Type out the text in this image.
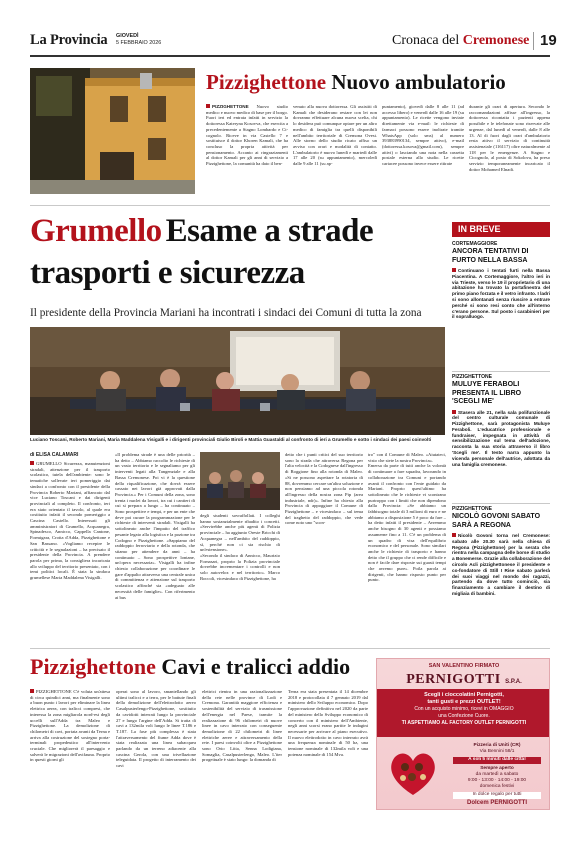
La Provincia GIOVEDÌ
5 FEBBRAIO 2026	Cronaca del Cremonese 19
Pizzighettone Nuovo ambulatorio
PIZZIGHETTONE Nuovo studio medico e nuovo medico di base per il borgo. Fuori ieri ed entrata infatti in servizio la dottoressa Kateryna Kosovva, che esercita a precedentemente a Stagno Lombardo e Cicognolo. Riceve in via Castello 7 e sostituisce il dottor Khoren Kamali, che ha concluso la propria attività per pensionamento. Accanto ai ringraziamenti al dottor Kamali per gli anni di servizio a Pizzighettone, la comunità ha dato il ben-
venuto alla nuova dottoressa. Gli assistiti di Kamali che desiderano restare con lei non dovranno effettuare alcuna nuova scelta, chi lo desidera può comunque optare per un altro medico di famiglia tra quelli disponibili nell'ambito territoriale di Cremona Ovest. Alle storno dello studio ricato affiso un avviso con orari e modalità di contatto. L'ambulatorio è nuovo lunedì e martedì dalle 17 alle 20 (su appuntamento), mercoledì dalle 9 alle 11 (su ap-
puntamento), giovedì dalle 8 alle 11 (ad accesso libero) e venerdì dalle 16 alle 19 (su appuntamento). Le ricette vengono inviate direttamente via e-mail: le richieste di farmaci possono essere inoltrate tramite WhatsApp (solo sms) al numero 393883990134, sempre attivo), e-mail (dottoressa.kosova@gmail.com), sempre attivi) o lasciando una nota nella cassetta postale esterna allo studio. Le ricette cartacee possono invece essere ritirate
durante gli orari di apertura. Secondo le raccomandazioni affisse all'ingresso, la dottoressa ricontatta i pazienti appena possibile e le telefonate sono riservate alle urgenze, dal lunedì al venerdì, dalle 8 alle 13. Al di fuori dagli orari d'ambulatorio resta attivo il servizio di continuità assistenziale (116117) oltre naturalmente al 118 per le emergenze. A Stagno e Cicognolo, al posto di Sokolova, ha preso servizio temporaneamente incaricato il dottor Mohamed Elnadi.
Grumello Esame a strade
trasporti e sicurezza
Il presidente della Provincia Mariani ha incontrati i sindaci dei Comuni di tutta la zona
Luciano Toscani, Roberto Mariani, Maria Maddalena Visigalli e i dirigenti provinciali Giulio Biroli e Mattia Guastaldi al confronto di ieri a Grumello e sotto i sindaci dei paesi coinvolti
di ELISA CALAMARI
GRUMELLO Sicurezza, manutenzioni stradali, attenzione per il trasporto scolastico, tutela dell'ambiente: sono le tematiche sollevate ieri pomeriggio dai sindaci a confronto con il presidente della Provincia Roberto Mariani, affiancato dal vice Luciano Toscani e dai dirigenti provinciali al completo. Il confronto, ieri era stato orientato il tavolo, al quale era costituito infatti il secondo pomeriggio a Cascina Castello. Interessati gli amministratori di Grumello, Acquanegra, Spinadesco, Annicco, Cappella Cantone, Formigara, Crotta d'Adda, Pizzighettone e San Bassano. «Vogliamo recepire le criticità e le segnalazioni – ha precisato il presidente della Provincia. A prendere parola per prima, la consigliera incaricata allo sviluppo del territorio presentato, con i temi politici locali. È stata la sindaca grumellese Maria Maddalena Visigalli.
«Il problema strade è una delle priorità – ha detto – Abbiamo raccolto le richieste di un vasto territorio e le segnaliamo per gli interventi legati alla Tangenziale e alla Bassa Cremonese. Poi vi è la questione della riqualificazione, che dovrà essere cassato nei lavori già approvati dalla Provincia.» Per i Comuni della zona, sono trenta i nuclei da lavori, tra cui i cantieri di cui si prepara a lungo – ha continuato – Sono prospettive e tempi, e per un ente che deve poi curare la programmazione per le richieste di interventi stradali. Visigalli ha sottolineato anche l'impatto del traffico pesante legato alla logistica e la pozione tra Codogno e Pizzighettone. «Sappiamo del raddoppio ferroviario e della rotonda, che stiamo per attendere da anni – ha continuato – Sono prospettive lontane, un'opera necessaria». Visigalli ha infine chiesto collaborazione per coordinare le gare d'appalto attraverso una centrale unica di committenza e attenzione sul trasporto scolastico affinché sia «adeguato alle necessità delle famiglie». Con riferimento ai bus
degli studenti sovraffollati. I colleghi hanno sostanzialmente ribadito i concetti. «Servirebbe anche più agenti di Polizia provinciale – ha aggiunto Oreste Bricchi di Acquanegra – nell'ambito del raddoppio, sì, perché non ci sia rischio di un'estensione».
«Secondo il sindaco di Annicco, Maurizio Fornasari, proprio la Polizia provinciale dovrebbe incrementare i controlli e non solo autovelox e nel territorio». Marco Boccoli, vicesindaco di Pizzighettone, ha
detto che i punti critici del suo territorio sono la strada che attraversa Regona per l'alta velocità e la Codognese dall'ingresso di Roggione fino alla rotonda di Maleo. «Si ne possono aspettare la rotatoria di 88, dovremmo cercare un'altra soluzione e non pensiamo ad una piccola rotonda all'ingresso della nostra zona Pip (area industriale, ndr)». Infine ha chiesto alla Provincia di appoggiare il Comune di Pizzighettone – e vicesindaco – sul tema del traghetto del raddoppio, che vede come noto uno "scon-
tro" con il Comune di Maleo. «Aiutateci, visto che siete la nostra Provincia».
Emersa da parte di tutti anche la volontà di continuare a fare squadra, lavorando in collaborazione tra Comuni e portando avanti il confronto con l'ente guidato da Mariani. Proprio quest'ultimo ha sottolineato che le richieste vi scontrano purtroppo con i limiti che non dipendono dalla Provincia: «Se abbiamo un fabbisogno totale di 3 milioni di euro e ne abbiamo a disposizione 5 è poco da fare – ha detto infatti il presidente – Avremmo anche bisogno di 30 agenti e possiamo assumerne fino a 11. C'è un problema di un quadro di visa dell'equilibrio economico e del personale. Sono similari anche le richieste di trasporto e hanno detto che il gruppo che ci rende difficile e non è facile dare risposte sui guasti tempi che avremo pure». Poila parola ai dirigenti, che hanno risposto punto per punto.
IN BREVE
CORTEMAGGIORE
ANCORA TENTATIVI DI FURTO NELLA BASSA
Continuano i tentati furti nella Bassa Piacentina. A Cortemaggiore, l'altro ieri in via Trieste, verso le 19 il proprietario di una abitazione ha trovato la portafinestra del primo piano forzata e il vetro infranto. I ladri si sono allontanati senza riuscire a entrare perché si sono resi conto che all'interno c'erano persone. Sul posto i carabinieri per il sopralluogo.
PIZZIGHETTONE
MULUYE FERABOLI PRESENTA IL LIBRO 'SCEGLI ME'
Stasera alle 21, nella sala polifunzionale del centro culturale comunale di Pizzighettone, sarà protagonista Muluye Feraboli. L'educatrice professionale e fundraiser, impegnata in attività di sensibilizzazione sul tema dell'adozione, racconta la sua storia attraverso il libro 'Scegli me'. Il testo narra appunto la vicenda personale dell'autrice, adottata da una famiglia cremonese.
PIZZIGHETTONE
NICOLÒ GOVONI SABATO SARÀ A REGONA
Nicolò Govoni torna nel Cremonese: sabato alle 20.30 sarà nella chiesa di Regona (Pizzighettone) per la serata che rientra nella campagna delle borse di studio a Bonemerse. Grazie alla collaborazione del circolo Acli pizzighettonese il presidente e co-fondatore di Still I Rise sabato parlerà dei suoi viaggi nel mondo dei ragazzi, partendo da dove tutto cominciò, sia finanziamento a cambiare il destino di migliaia di bambini.
Pizzighettone Cavi e tralicci addio
PIZZIGHETTONE C'è voluta un'attesa di circa quindici anni, ma finalmente sono a buon punto i lavori per eliminare la linea elettrica aerea, con tralicci compresi, che interessa la zona migliarola nord-est degli uccelli sull'Adda tra Maleo e Pizzighettone. La demolizione di chilometri di cavi, portata avanti da Terna e arriva alla costruzione del sostegno porta-terminali propedeutico all'intervento cruciale. Che migliorerà il paesaggio e salverà le migrazioni dell'avifauna. Proprio in questi giorni gli
operai sono al lavoro, smantellando gli ultimi tralicci e a terra, per le battute finali della demolizione dell'elettrodotto aereo Casalpusterlengo-Pizzighettone, sostituito da cavidotti interrati lungo la provinciale 27 e lungo l'argine dell'Adda. Si tratta di cavi a 132mila volt lungo le linee T.186 e T.187. La fase più complessa è stata l'attraversamento del fiume Adda dove è stata realizzata una linea subacquea parlando da un terreno adiacente alla cascina Gerola, con una trivellazione teleguidata. Il progetto di interramento dei cavi
elettrici rientra in una razionalizzazione della rete nelle province di Lodi e Cremona. Garantità maggiore efficienza e sostenibilità del servizio di trasmissione dell'energia nel Paese, tramite la realizzazione di 96 chilometri di nuove linee in cavo interrato con conseguente demolizione di 22 chilometri di linee elettriche aeree e attraversamento della rete. I paesi coinvolti oltre a Pizzighettone sono Orio Litta, Senna Lodigiana, Somaglia, Casalpusterlengo, Maleo. L'iter progettuale è stato lungo: la domanda di
Terna era stata presentata il 14 dicembre 2018 e protocollata il 7 gennaio 2019 dal ministero dello Sviluppo economico. Dopo l'approvazione definitiva nel 2020 da parte del ministero dello Sviluppo economico di concerto con il ministero dell'Ambiente, negli anni scorsi erano partite le indagini necessarie per arrivare al piano esecutivo. Il nuovo elettrodotto in cavo interrato avrà una frequenza nominale di 50 hz, una tensione nominale di 132mila volt e una potenza nominale di 154 Mva.
SAN VALENTINO FIRMATO
PERNIGOTTI S.P.A.
Scegli i cioccolatini Pernigotti,
tanti gusti e prezzi OUTLET!
Con un acquisto minimo, ricevi in OMAGGIO
una Confezione Cuore.
TI ASPETTIAMO AL FACTORY OUTLET PERNIGOTTI
Pizzeria di Uniti (CR)
Via Bennini 58/1
A soli 5 minuti dalle città!
Sempre aperto
da martedì a sabato
9:00 - 13:00 · 14:00 - 19:00
domenica festivi
In dolce regalo per tutti
Dolcem PERNIGOTTI
